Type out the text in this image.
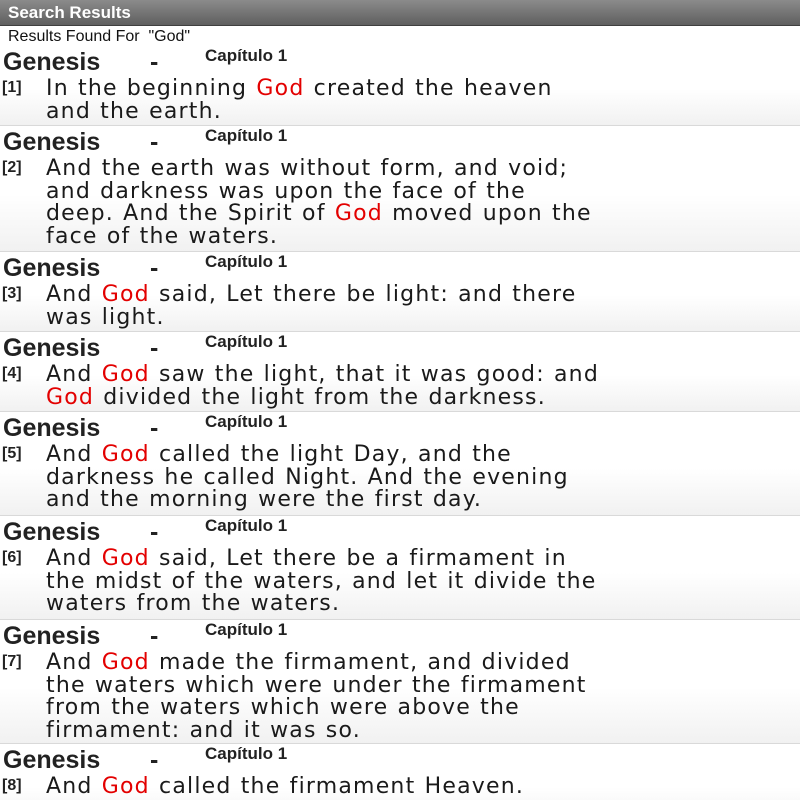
Search Results
Results Found For  "God"
Genesis -	Capítulo 1
[1] In the beginning God created the heaven
and the earth.
Genesis -	Capítulo 1
[2] And the earth was without form, and void;
and darkness was upon the face of the
deep. And the Spirit of God moved upon the
face of the waters.
Genesis -	Capítulo 1
[3] And God said, Let there be light: and there
was light.
Genesis -	Capítulo 1
[4] And God saw the light, that it was good: and
God divided the light from the darkness.
Genesis -	Capítulo 1
[5] And God called the light Day, and the
darkness he called Night. And the evening
and the morning were the first day.
Genesis -	Capítulo 1
[6] And God said, Let there be a firmament in
the midst of the waters, and let it divide the
waters from the waters.
Genesis -	Capítulo 1
[7] And God made the firmament, and divided
the waters which were under the firmament
from the waters which were above the
firmament: and it was so.
Genesis -	Capítulo 1
[8] And God called the firmament Heaven.
